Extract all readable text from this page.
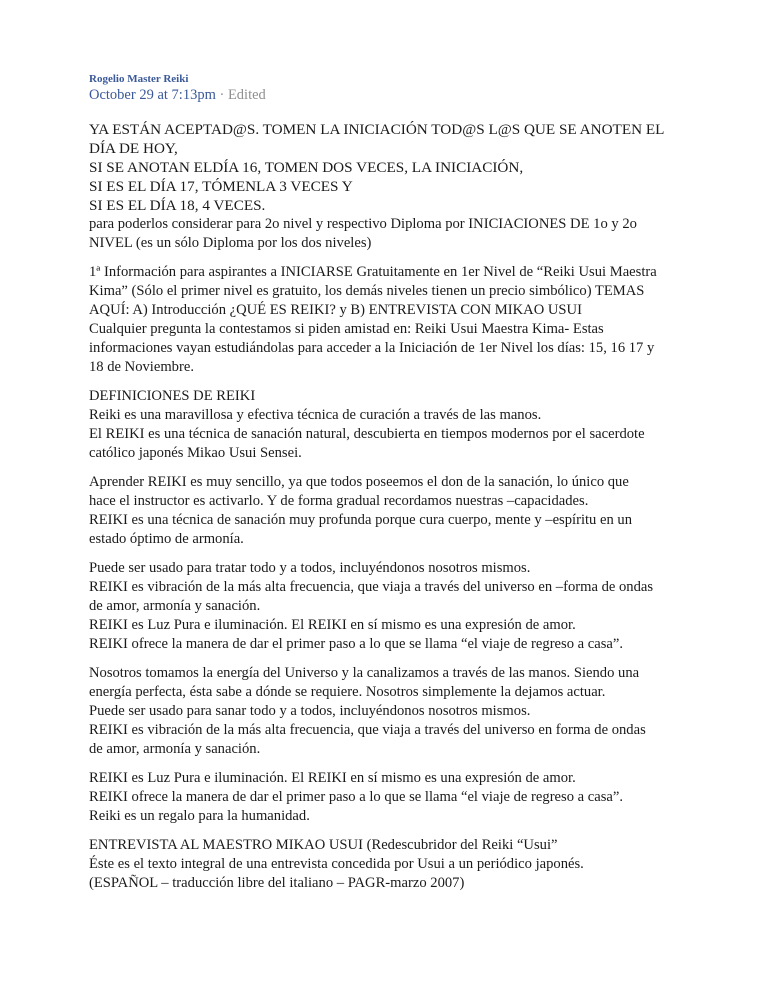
Rogelio Master Reiki
October 29 at 7:13pm · Edited
YA ESTÁN ACEPTAD@S. TOMEN LA INICIACIÓN TOD@S L@S QUE SE ANOTEN EL
DÍA DE HOY,
SI SE ANOTAN ELDÍA 16, TOMEN DOS VECES, LA INICIACIÓN,
SI ES EL DÍA 17, TÓMENLA 3 VECES Y
SI ES EL DÍA 18, 4 VECES.
para poderlos considerar para 2o nivel y respectivo Diploma por INICIACIONES DE 1o y 2o
NIVEL (es un sólo Diploma por los dos niveles)
1ª Información para aspirantes a INICIARSE Gratuitamente en 1er Nivel de “Reiki Usui Maestra
Kima” (Sólo el primer nivel es gratuito, los demás niveles tienen un precio simbólico) TEMAS
AQUÍ: A) Introducción ¿QUÉ ES REIKI? y B) ENTREVISTA CON MIKAO USUI
Cualquier pregunta la contestamos si piden amistad en: Reiki Usui Maestra Kima- Estas
informaciones vayan estudiándolas para acceder a la Iniciación de 1er Nivel los días: 15, 16 17 y
18 de Noviembre.
DEFINICIONES DE REIKI
Reiki es una maravillosa y efectiva técnica de curación a través de las manos.
El REIKI es una técnica de sanación natural, descubierta en tiempos modernos por el sacerdote
católico japonés Mikao Usui Sensei.
Aprender REIKI es muy sencillo, ya que todos poseemos el don de la sanación, lo único que
hace el instructor es activarlo. Y de forma gradual recordamos nuestras –capacidades.
REIKI es una técnica de sanación muy profunda porque cura cuerpo, mente y –espíritu en un
estado óptimo de armonía.
Puede ser usado para tratar todo y a todos, incluyéndonos nosotros mismos.
REIKI es vibración de la más alta frecuencia, que viaja a través del universo en –forma de ondas
de amor, armonía y sanación.
REIKI es Luz Pura e iluminación. El REIKI en sí mismo es una expresión de amor.
REIKI ofrece la manera de dar el primer paso a lo que se llama “el viaje de regreso a casa”.
Nosotros tomamos la energía del Universo y la canalizamos a través de las manos. Siendo una
energía perfecta, ésta sabe a dónde se requiere. Nosotros simplemente la dejamos actuar.
Puede ser usado para sanar todo y a todos, incluyéndonos nosotros mismos.
REIKI es vibración de la más alta frecuencia, que viaja a través del universo en forma de ondas
de amor, armonía y sanación.
REIKI es Luz Pura e iluminación. El REIKI en sí mismo es una expresión de amor.
REIKI ofrece la manera de dar el primer paso a lo que se llama “el viaje de regreso a casa”.
Reiki es un regalo para la humanidad.
ENTREVISTA AL MAESTRO MIKAO USUI (Redescubridor del Reiki “Usui”
Éste es el texto integral de una entrevista concedida por Usui a un periódico japonés.
(ESPAÑOL – traducción libre del italiano – PAGR-marzo 2007)
